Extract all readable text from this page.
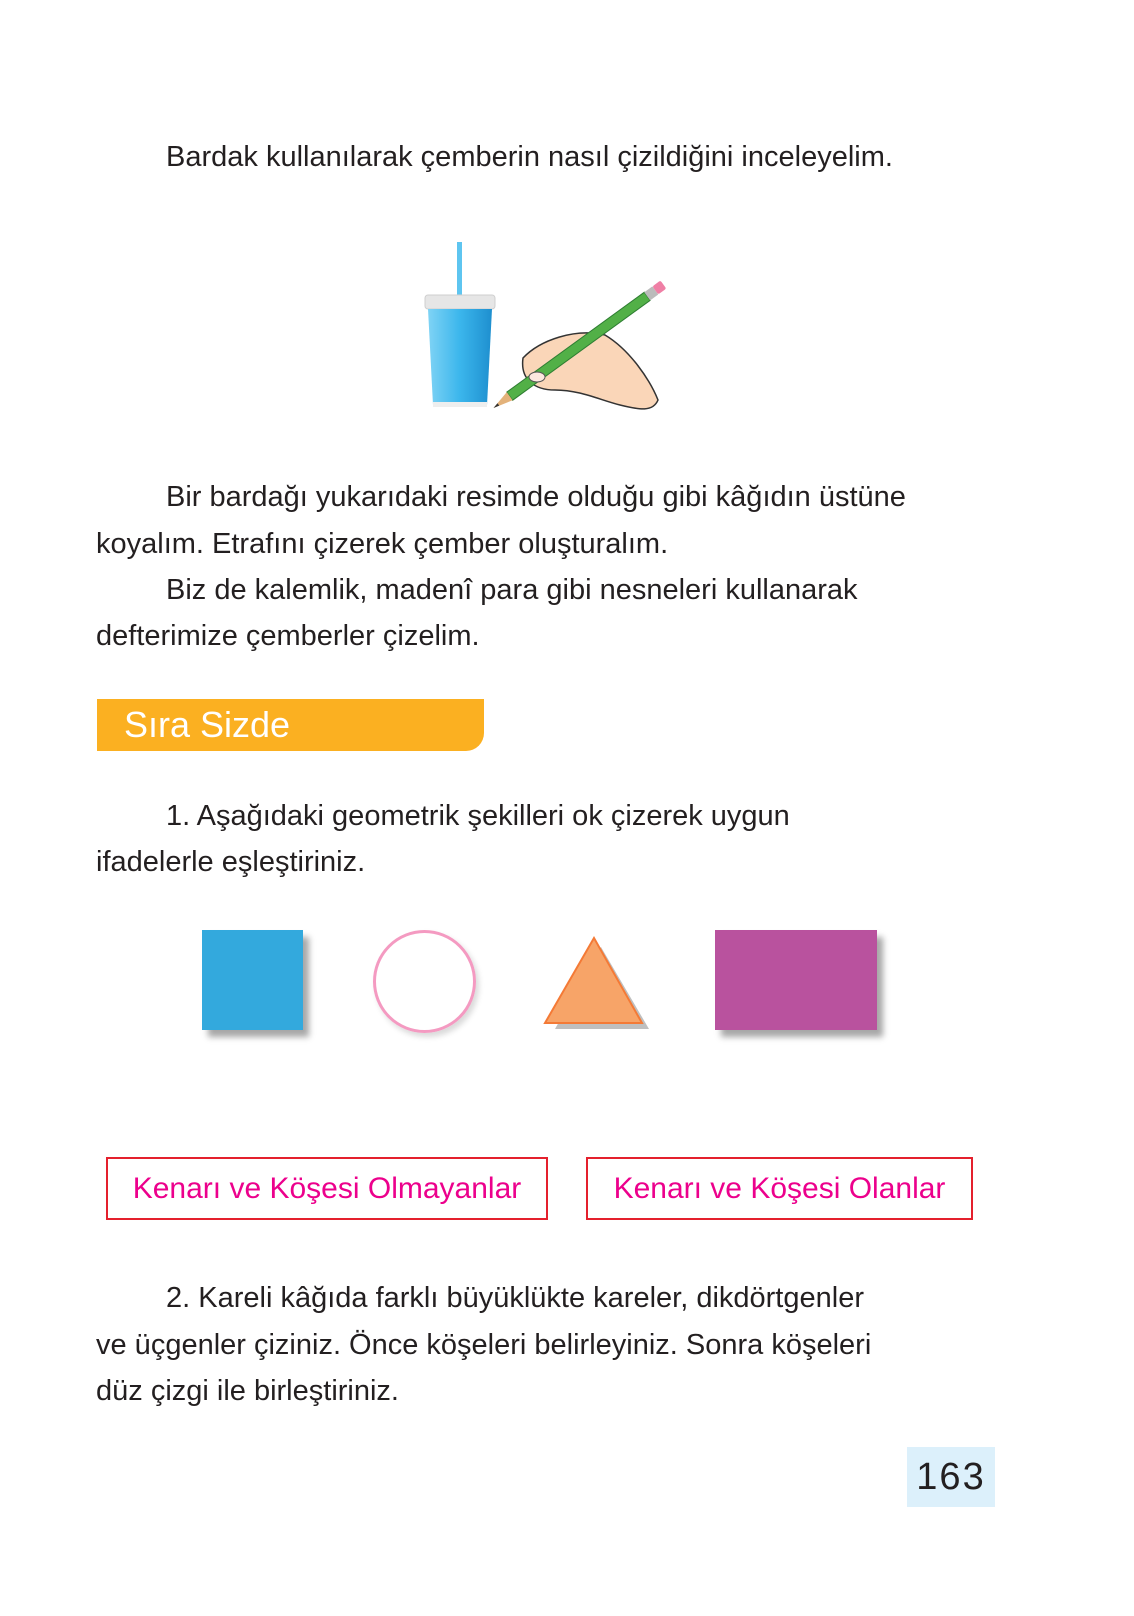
Bardak kullanılarak çemberin nasıl çizildiğini inceleyelim.
Bir bardağı yukarıdaki resimde olduğu gibi kâğıdın üstüne
koyalım. Etrafını çizerek çember oluşturalım.
Biz de kalemlik, madenî para gibi nesneleri kullanarak
defterimize çemberler çizelim.
Sıra Sizde
1. Aşağıdaki geometrik şekilleri ok çizerek uygun
ifadelerle eşleştiriniz.
Kenarı ve Köşesi Olmayanlar	Kenarı ve Köşesi Olanlar
2. Kareli kâğıda farklı büyüklükte kareler, dikdörtgenler
ve üçgenler çiziniz. Önce köşeleri belirleyiniz. Sonra köşeleri
düz çizgi ile birleştiriniz.
163
